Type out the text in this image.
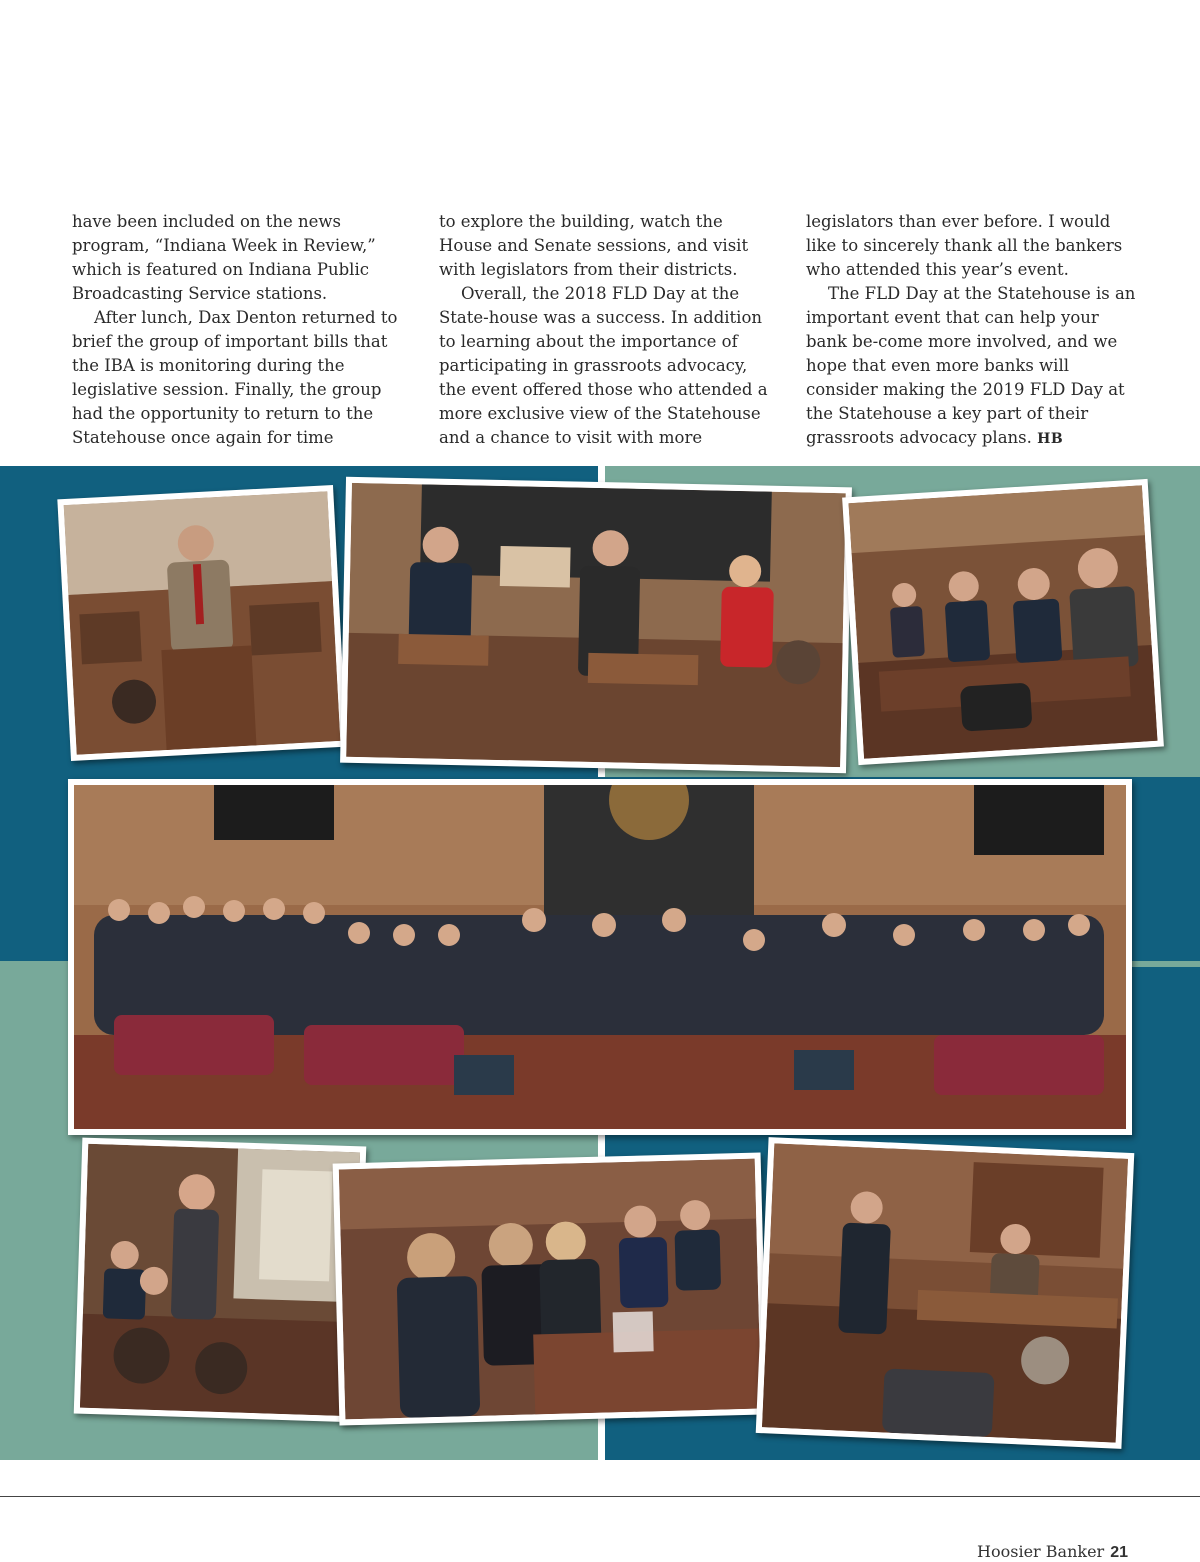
have been included on the news program, “Indiana Week in Review,” which is featured on Indiana Public Broadcasting Service stations.

After lunch, Dax Denton returned to brief the group of important bills that the IBA is monitoring during the legislative session. Finally, the group had the opportunity to return to the Statehouse once again for time

to explore the building, watch the House and Senate sessions, and visit with legislators from their districts.

Overall, the 2018 FLD Day at the State-house was a success. In addition to learning about the importance of participating in grassroots advocacy, the event offered those who attended a more exclusive view of the Statehouse and a chance to visit with more

legislators than ever before. I would like to sincerely thank all the bankers who attended this year’s event.

The FLD Day at the Statehouse is an important event that can help your bank be-come more involved, and we hope that even more banks will consider making the 2019 FLD Day at the Statehouse a key part of their grassroots advocacy plans. HB

Hoosier Banker 21
